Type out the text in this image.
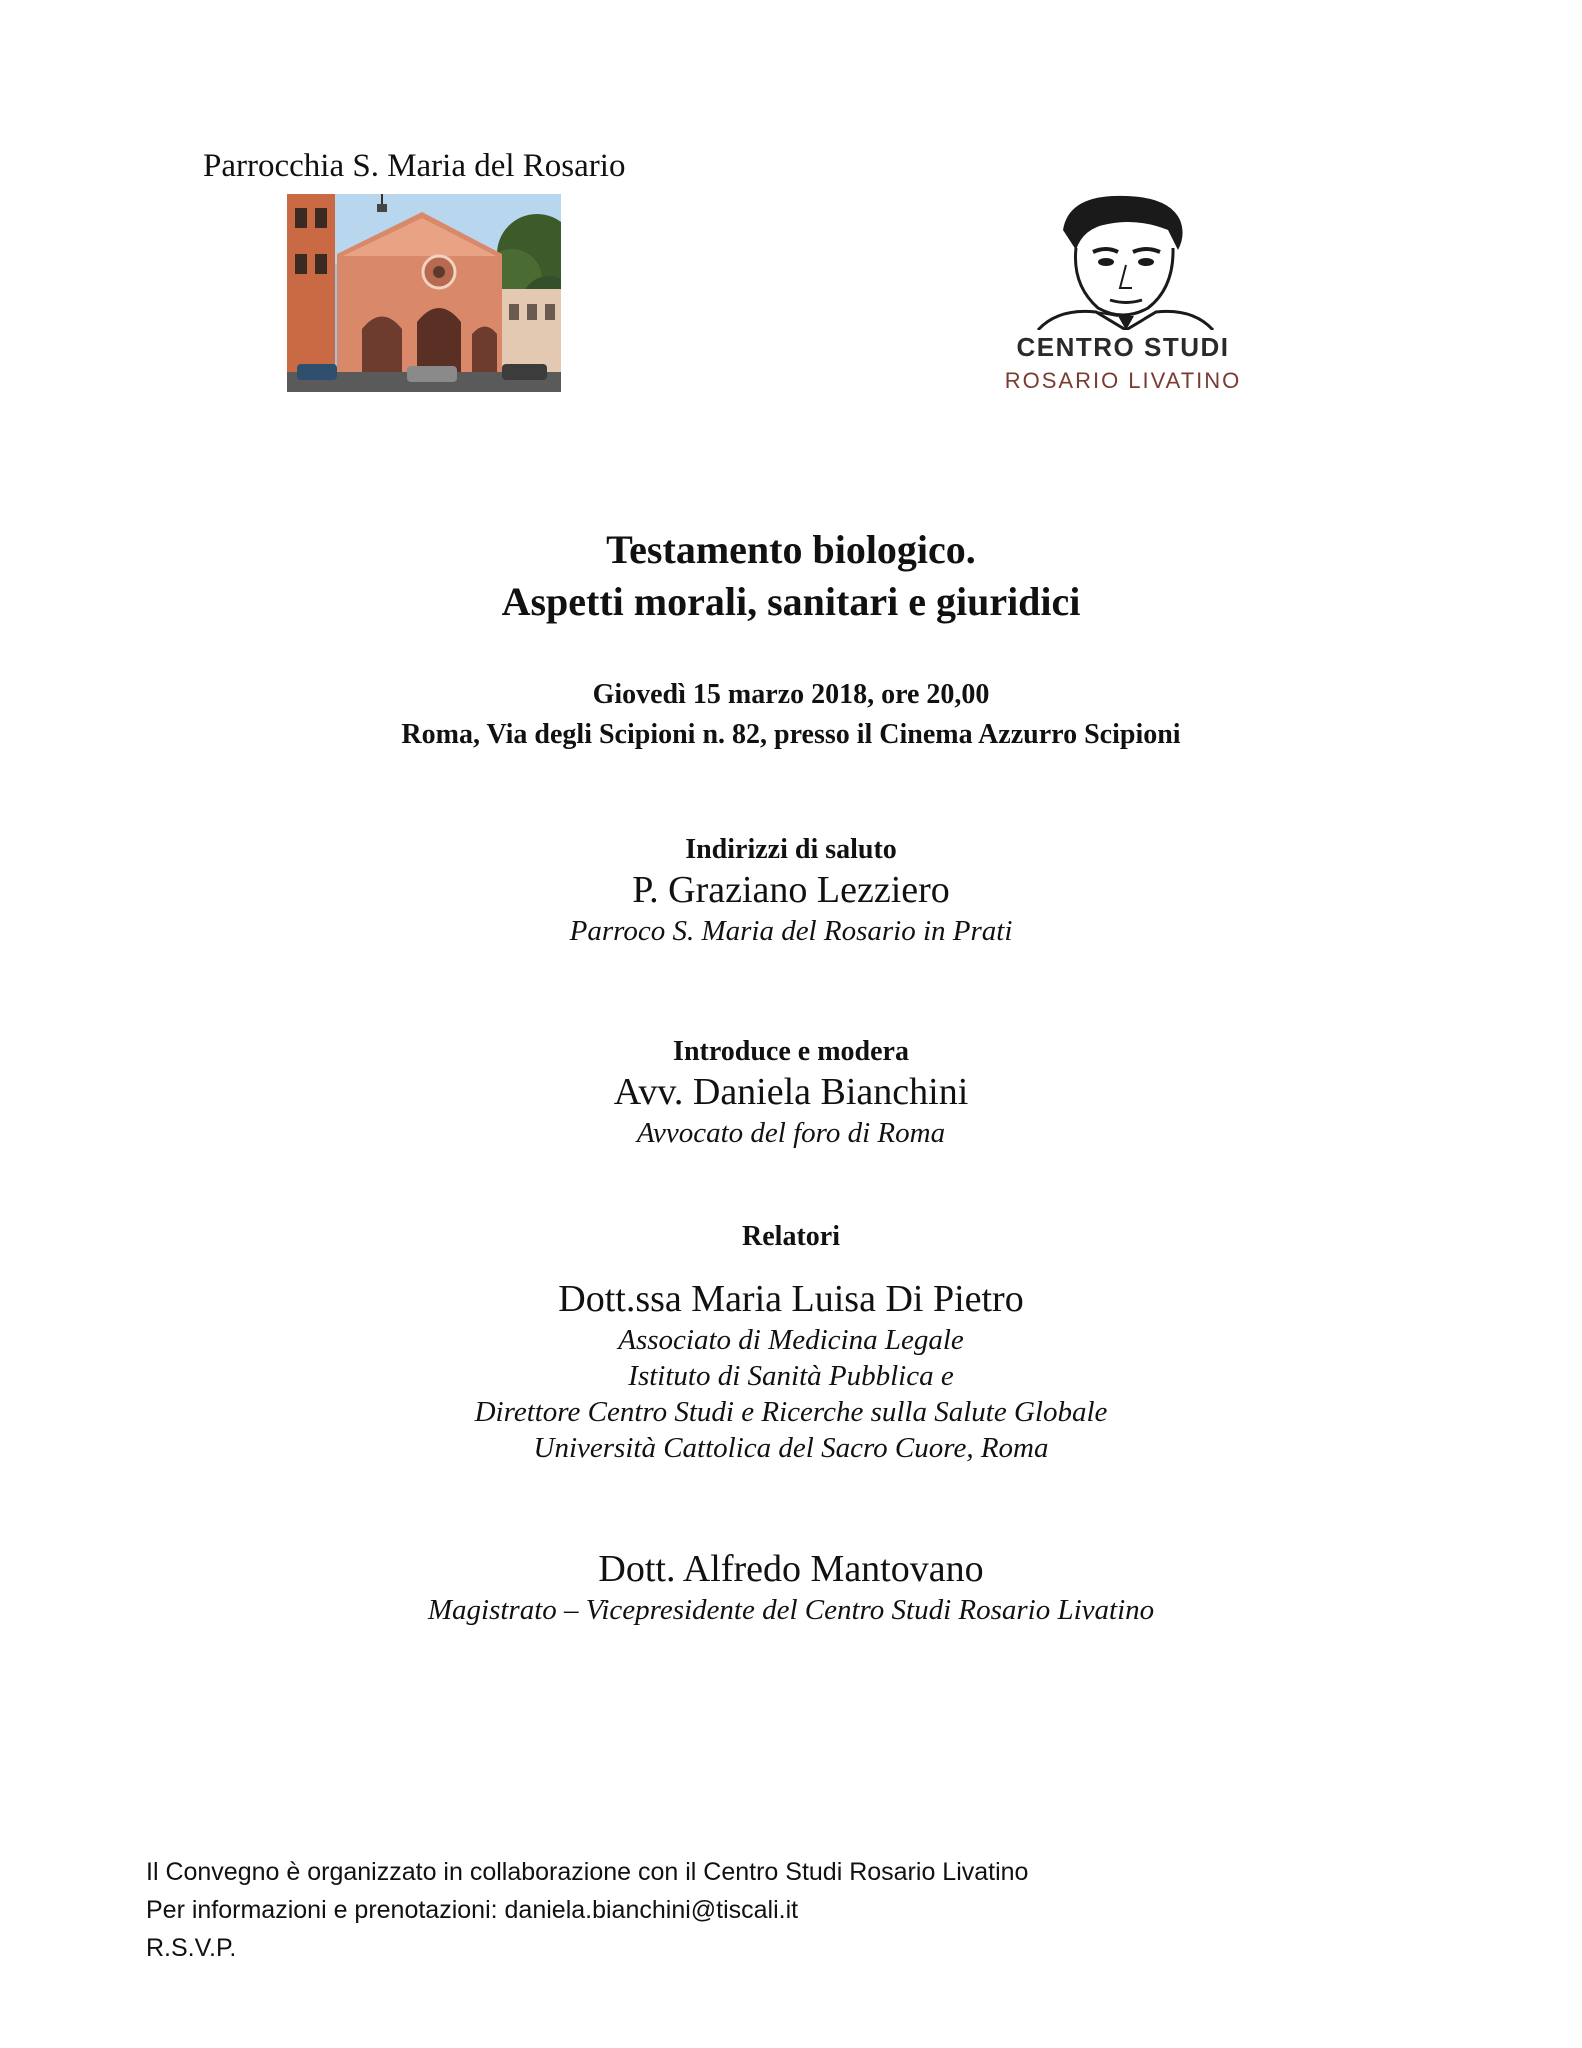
Parrocchia S. Maria del Rosario
CENTRO STUDI
ROSARIO LIVATINO
Testamento biologico.
Aspetti morali, sanitari e giuridici
Giovedì 15 marzo 2018, ore 20,00
Roma, Via degli Scipioni n. 82, presso il Cinema Azzurro Scipioni
Indirizzi di saluto
P. Graziano Lezziero
Parroco S. Maria del Rosario in Prati
Introduce e modera
Avv. Daniela Bianchini
Avvocato del foro di Roma
Relatori
Dott.ssa Maria Luisa Di Pietro
Associato di Medicina Legale
Istituto di Sanità Pubblica e
Direttore Centro Studi e Ricerche sulla Salute Globale
Università Cattolica del Sacro Cuore, Roma
Dott. Alfredo Mantovano
Magistrato – Vicepresidente del Centro Studi Rosario Livatino
Il Convegno è organizzato in collaborazione con il Centro Studi Rosario Livatino
Per informazioni e prenotazioni: daniela.bianchini@tiscali.it
R.S.V.P.
